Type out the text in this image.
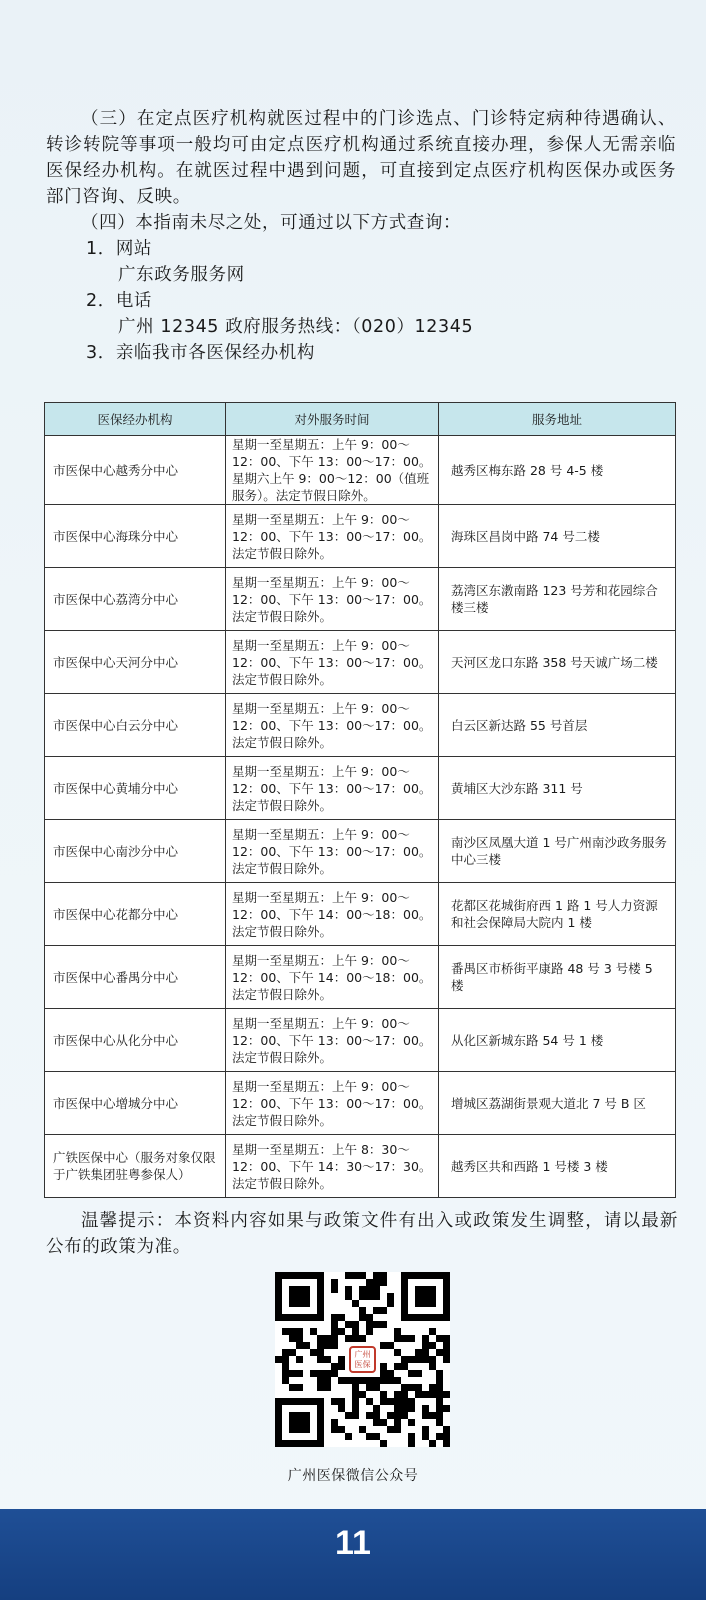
（三）在定点医疗机构就医过程中的门诊选点、门诊特定病种待遇确认、转诊转院等事项一般均可由定点医疗机构通过系统直接办理，参保人无需亲临医保经办机构。在就医过程中遇到问题，可直接到定点医疗机构医保办或医务部门咨询、反映。
（四）本指南未尽之处，可通过以下方式查询：
1．网站
广东政务服务网
2．电话
广州 12345 政府服务热线：（020）12345
3．亲临我市各医保经办机构
医保经办机构	对外服务时间	服务地址
市医保中心越秀分中心	星期一至星期五：上午 9：00～12：00、下午 13：00～17：00。星期六上午 9：00～12：00（值班服务）。法定节假日除外。	越秀区梅东路 28 号 4-5 楼
市医保中心海珠分中心	星期一至星期五：上午 9：00～12：00、下午 13：00～17：00。法定节假日除外。	海珠区昌岗中路 74 号二楼
市医保中心荔湾分中心	星期一至星期五：上午 9：00～12：00、下午 13：00～17：00。法定节假日除外。	荔湾区东漖南路 123 号芳和花园综合楼三楼
市医保中心天河分中心	星期一至星期五：上午 9：00～12：00、下午 13：00～17：00。法定节假日除外。	天河区龙口东路 358 号天诚广场二楼
市医保中心白云分中心	星期一至星期五：上午 9：00～12：00、下午 13：00～17：00。法定节假日除外。	白云区新达路 55 号首层
市医保中心黄埔分中心	星期一至星期五：上午 9：00～12：00、下午 13：00～17：00。法定节假日除外。	黄埔区大沙东路 311 号
市医保中心南沙分中心	星期一至星期五：上午 9：00～12：00、下午 13：00～17：00。法定节假日除外。	南沙区凤凰大道 1 号广州南沙政务服务中心三楼
市医保中心花都分中心	星期一至星期五：上午 9：00～12：00、下午 14：00～18：00。法定节假日除外。	花都区花城街府西 1 路 1 号人力资源和社会保障局大院内 1 楼
市医保中心番禺分中心	星期一至星期五：上午 9：00～12：00、下午 14：00～18：00。法定节假日除外。	番禺区市桥街平康路 48 号 3 号楼 5 楼
市医保中心从化分中心	星期一至星期五：上午 9：00～12：00、下午 13：00～17：00。法定节假日除外。	从化区新城东路 54 号 1 楼
市医保中心增城分中心	星期一至星期五：上午 9：00～12：00、下午 13：00～17：00。法定节假日除外。	增城区荔湖街景观大道北 7 号 B 区
广铁医保中心（服务对象仅限于广铁集团驻粤参保人）	星期一至星期五：上午 8：30～12：00、下午 14：30～17：30。法定节假日除外。	越秀区共和西路 1 号楼 3 楼
温馨提示：本资料内容如果与政策文件有出入或政策发生调整，请以最新公布的政策为准。
广州医保
广州医保微信公众号
11
